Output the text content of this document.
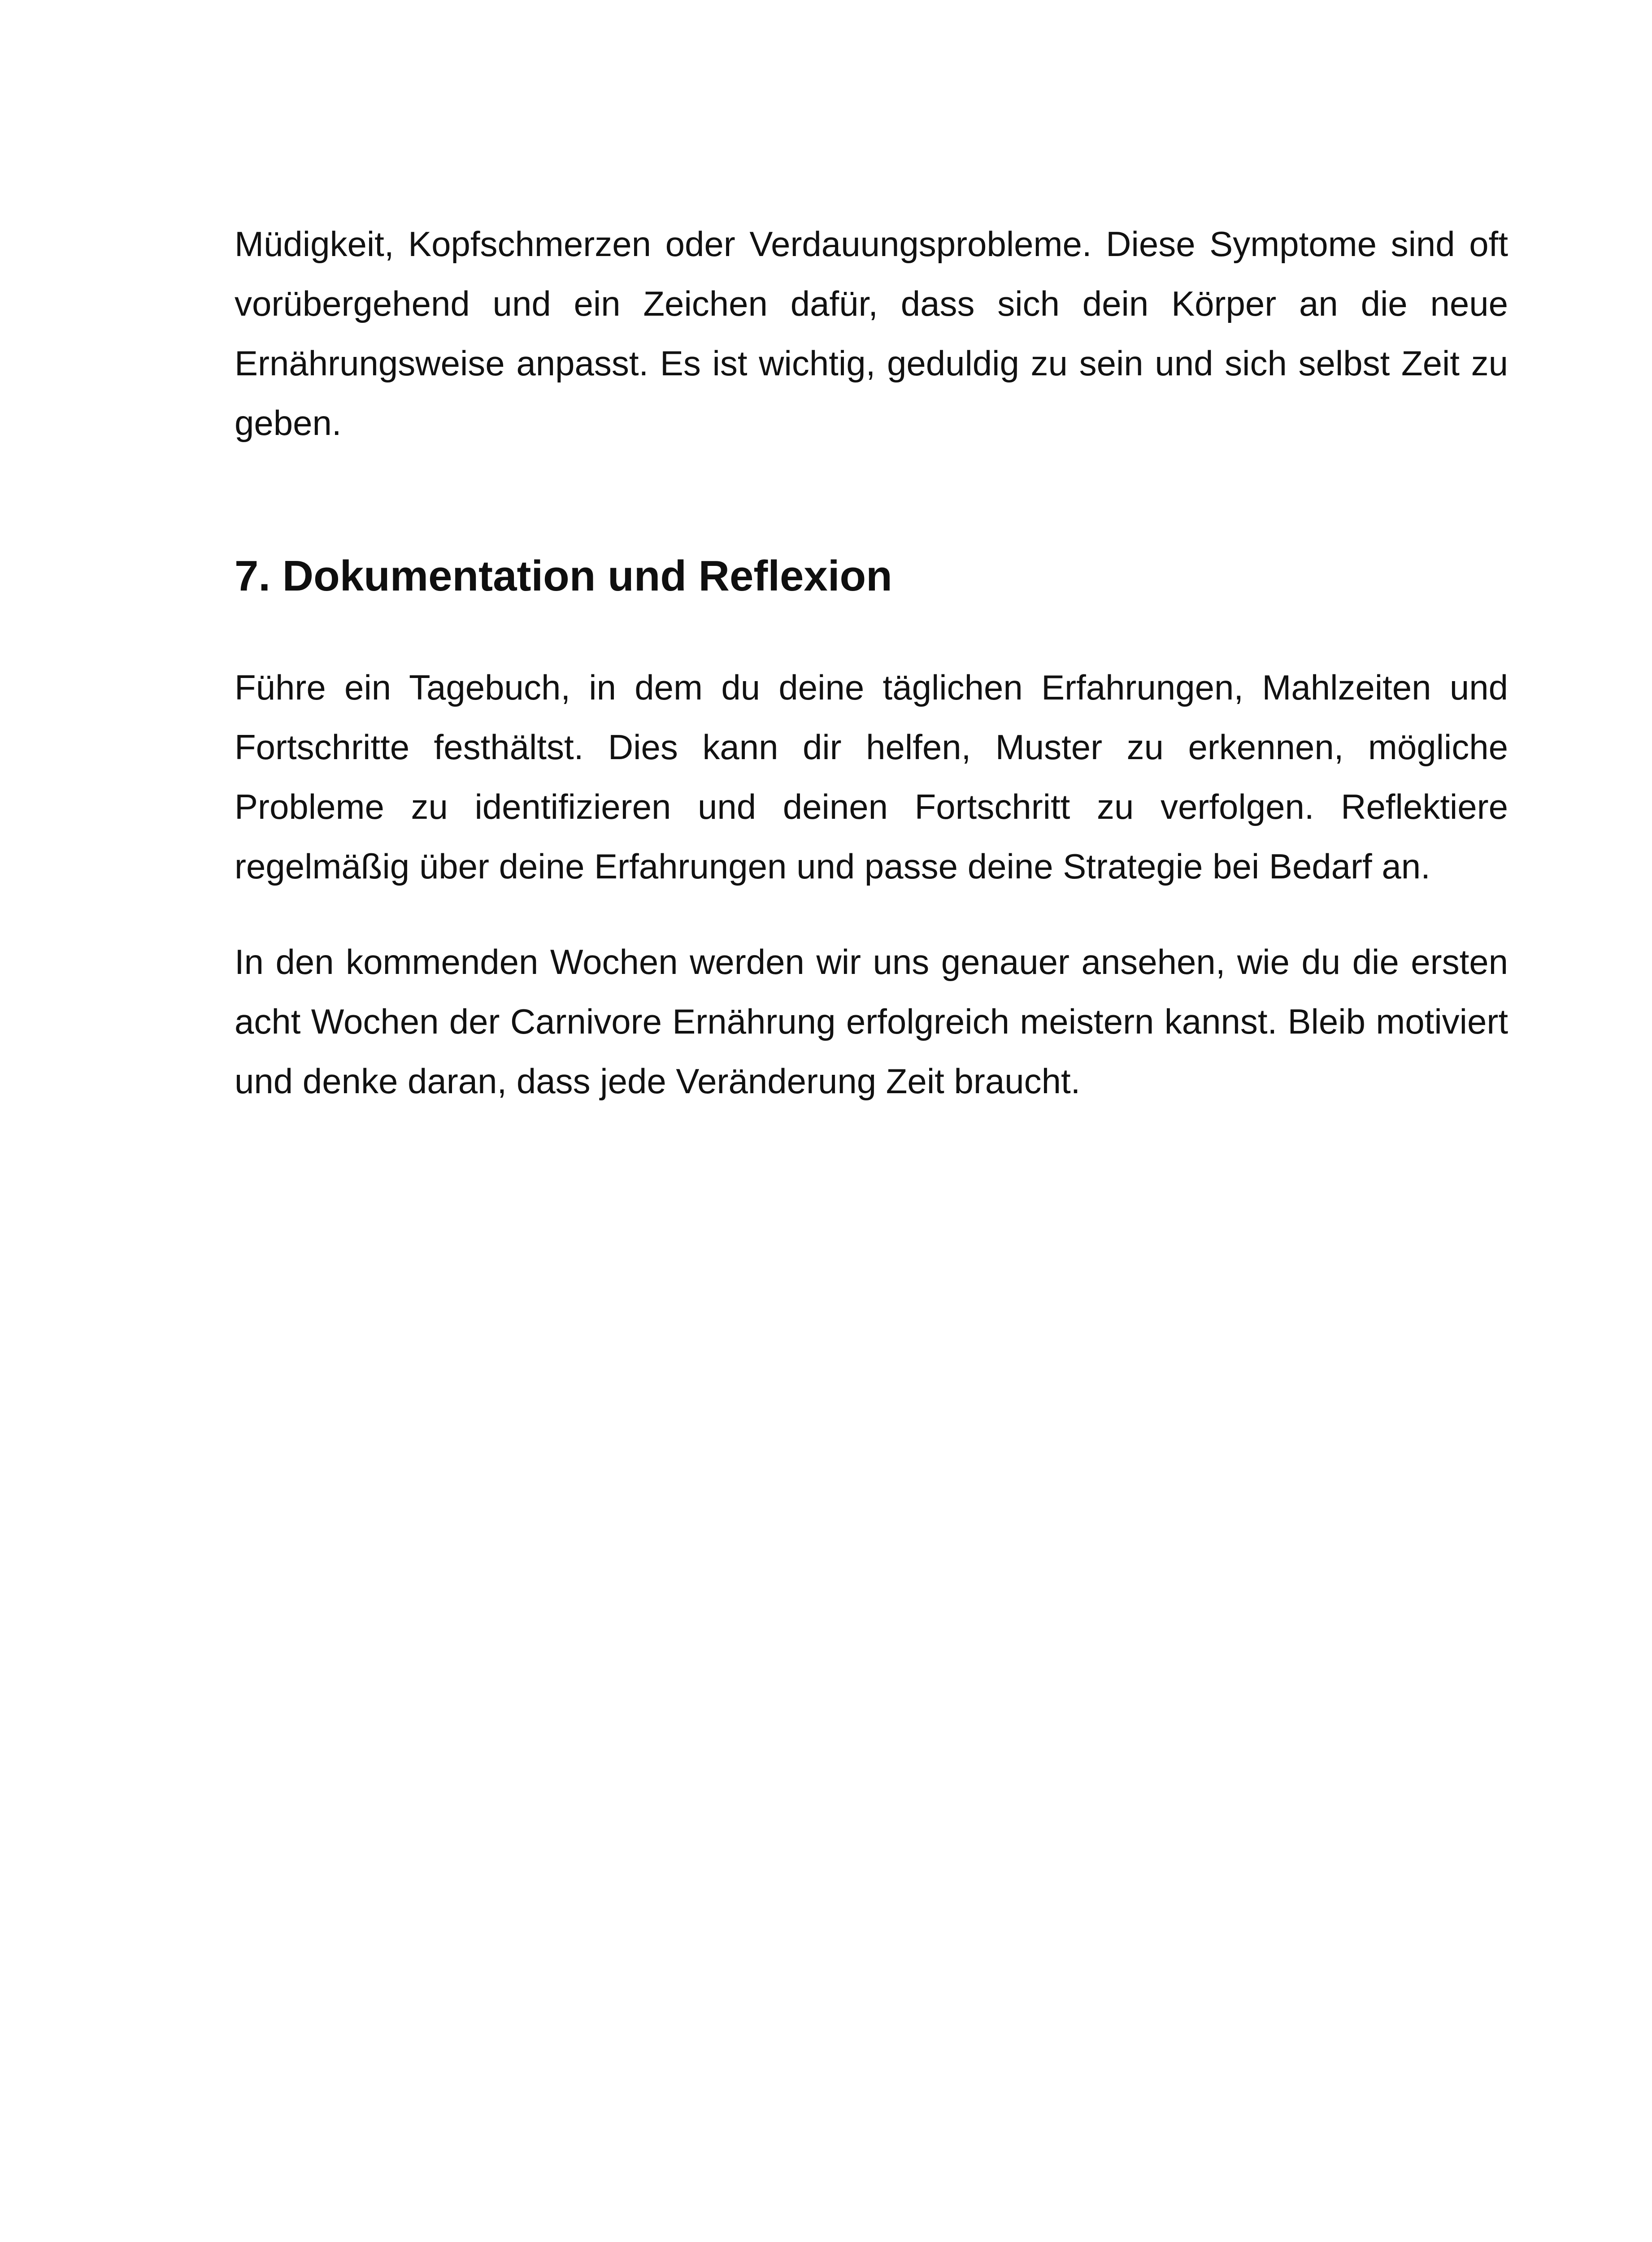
Müdigkeit, Kopfschmerzen oder Verdauungsprobleme. Diese Symptome sind oft vorübergehend und ein Zeichen dafür, dass sich dein Körper an die neue Ernährungsweise anpasst. Es ist wichtig, geduldig zu sein und sich selbst Zeit zu geben.

7. Dokumentation und Reflexion

Führe ein Tagebuch, in dem du deine täglichen Erfahrungen, Mahlzeiten und Fortschritte festhältst. Dies kann dir helfen, Muster zu erkennen, mögliche Probleme zu identifizieren und deinen Fortschritt zu verfolgen. Reflektiere regelmäßig über deine Erfahrungen und passe deine Strategie bei Bedarf an.

In den kommenden Wochen werden wir uns genauer ansehen, wie du die ersten acht Wochen der Carnivore Ernährung erfolgreich meistern kannst. Bleib motiviert und denke daran, dass jede Veränderung Zeit braucht.
